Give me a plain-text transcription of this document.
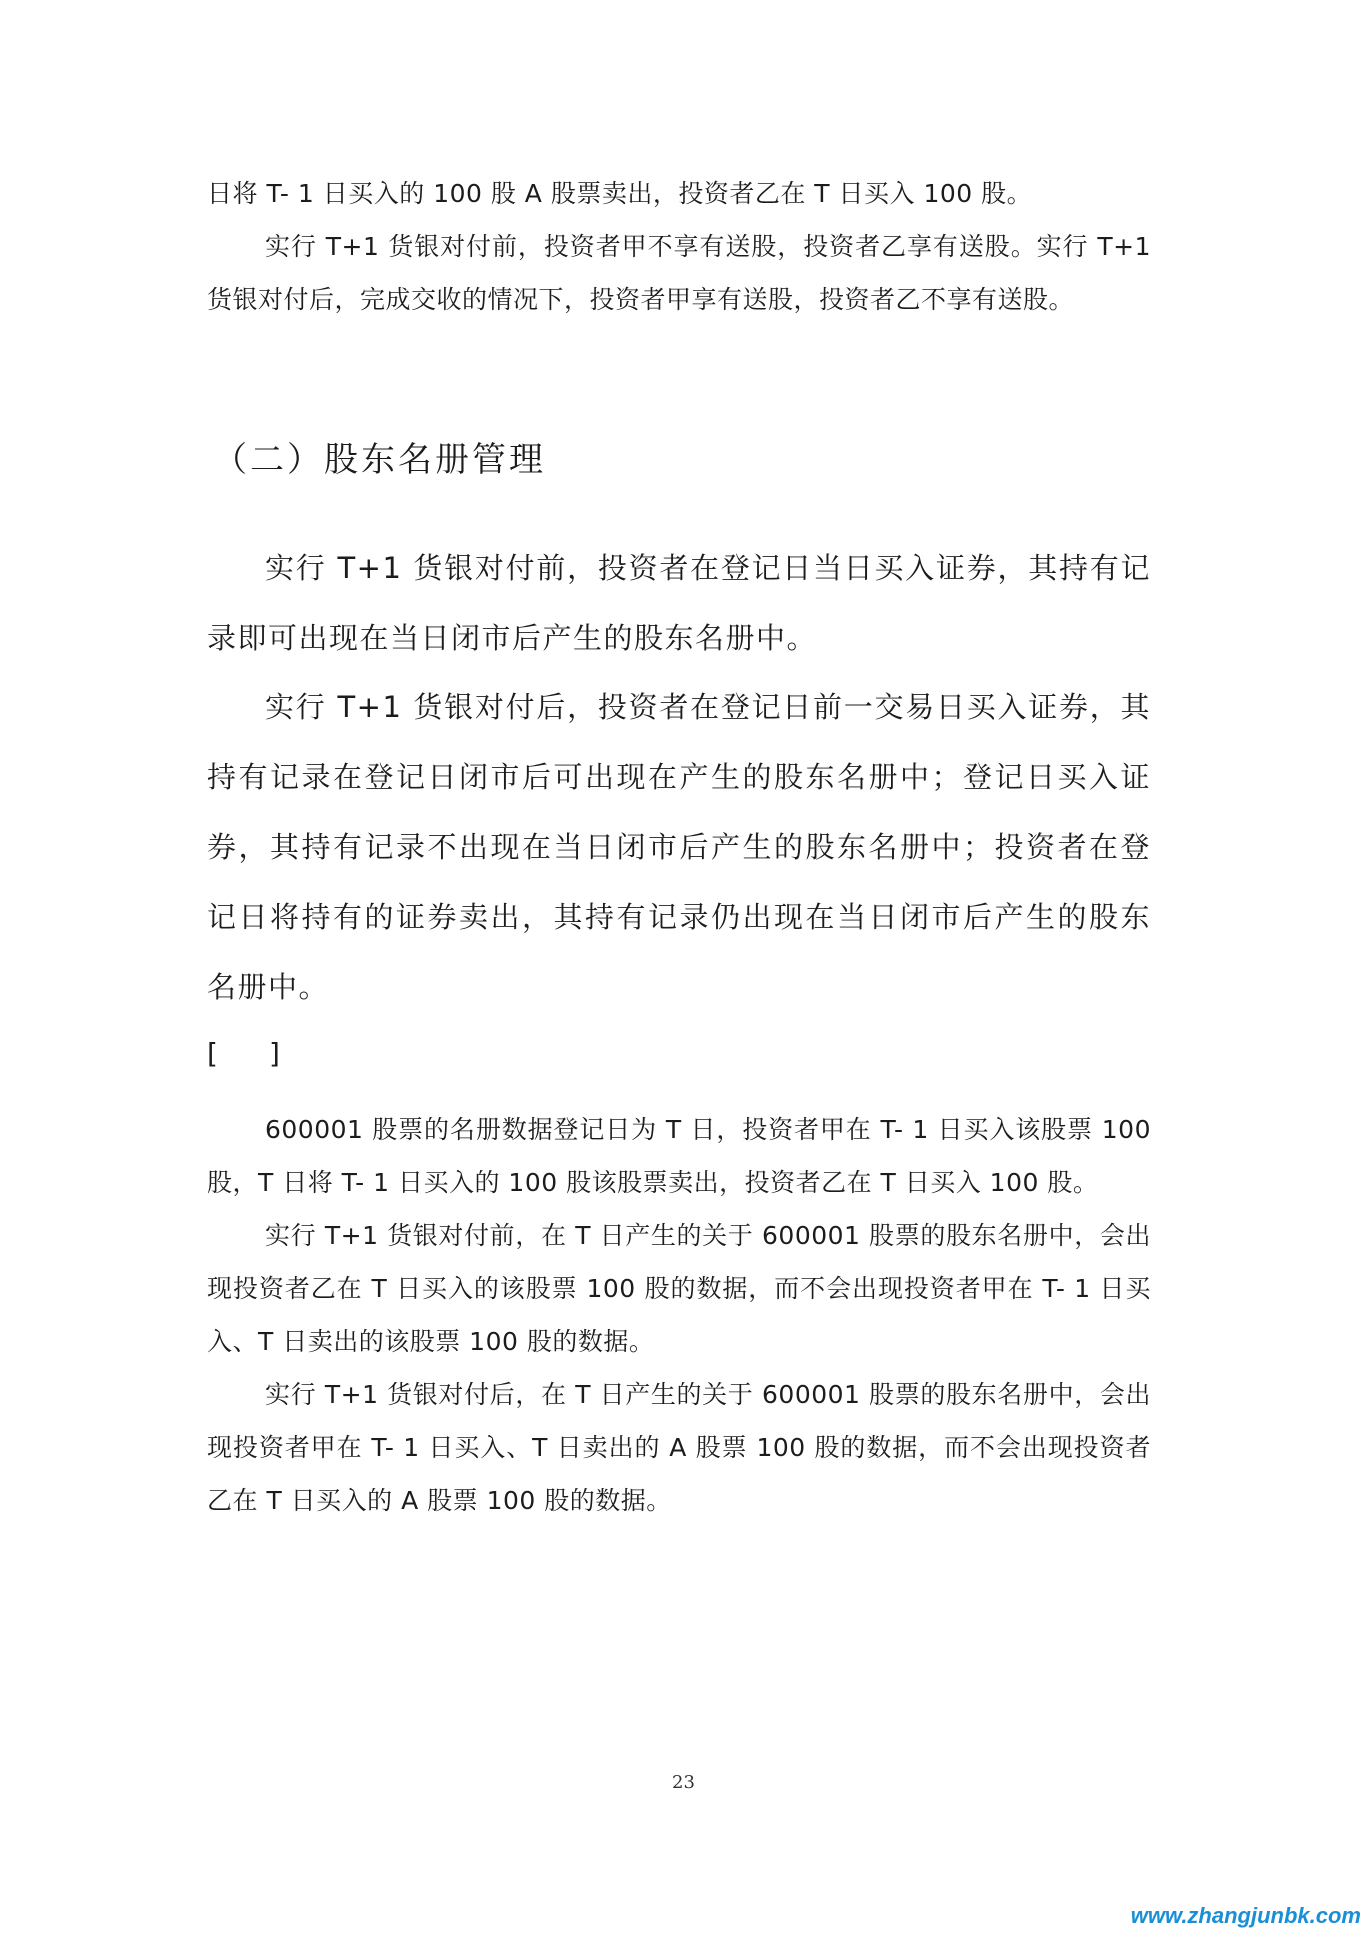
日将 T- 1 日买入的 100 股 A 股票卖出，投资者乙在 T 日买入 100 股。

实行 T+1 货银对付前，投资者甲不享有送股，投资者乙享有送股。实行 T+1 货银对付后，完成交收的情况下，投资者甲享有送股，投资者乙不享有送股。

（二）股东名册管理

实行 T+1 货银对付前，投资者在登记日当日买入证券，其持有记录即可出现在当日闭市后产生的股东名册中。

实行 T+1 货银对付后，投资者在登记日前一交易日买入证券，其持有记录在登记日闭市后可出现在产生的股东名册中；登记日买入证券，其持有记录不出现在当日闭市后产生的股东名册中；投资者在登记日将持有的证券卖出，其持有记录仍出现在当日闭市后产生的股东名册中。

[ ]

600001 股票的名册数据登记日为 T 日，投资者甲在 T- 1 日买入该股票 100 股，T 日将 T- 1 日买入的 100 股该股票卖出，投资者乙在 T 日买入 100 股。

实行 T+1 货银对付前，在 T 日产生的关于 600001 股票的股东名册中，会出现投资者乙在 T 日买入的该股票 100 股的数据，而不会出现投资者甲在 T- 1 日买入、T 日卖出的该股票 100 股的数据。

实行 T+1 货银对付后，在 T 日产生的关于 600001 股票的股东名册中，会出现投资者甲在 T- 1 日买入、T 日卖出的 A 股票 100 股的数据，而不会出现投资者乙在 T 日买入的 A 股票 100 股的数据。

23

www.zhangjunbk.com
